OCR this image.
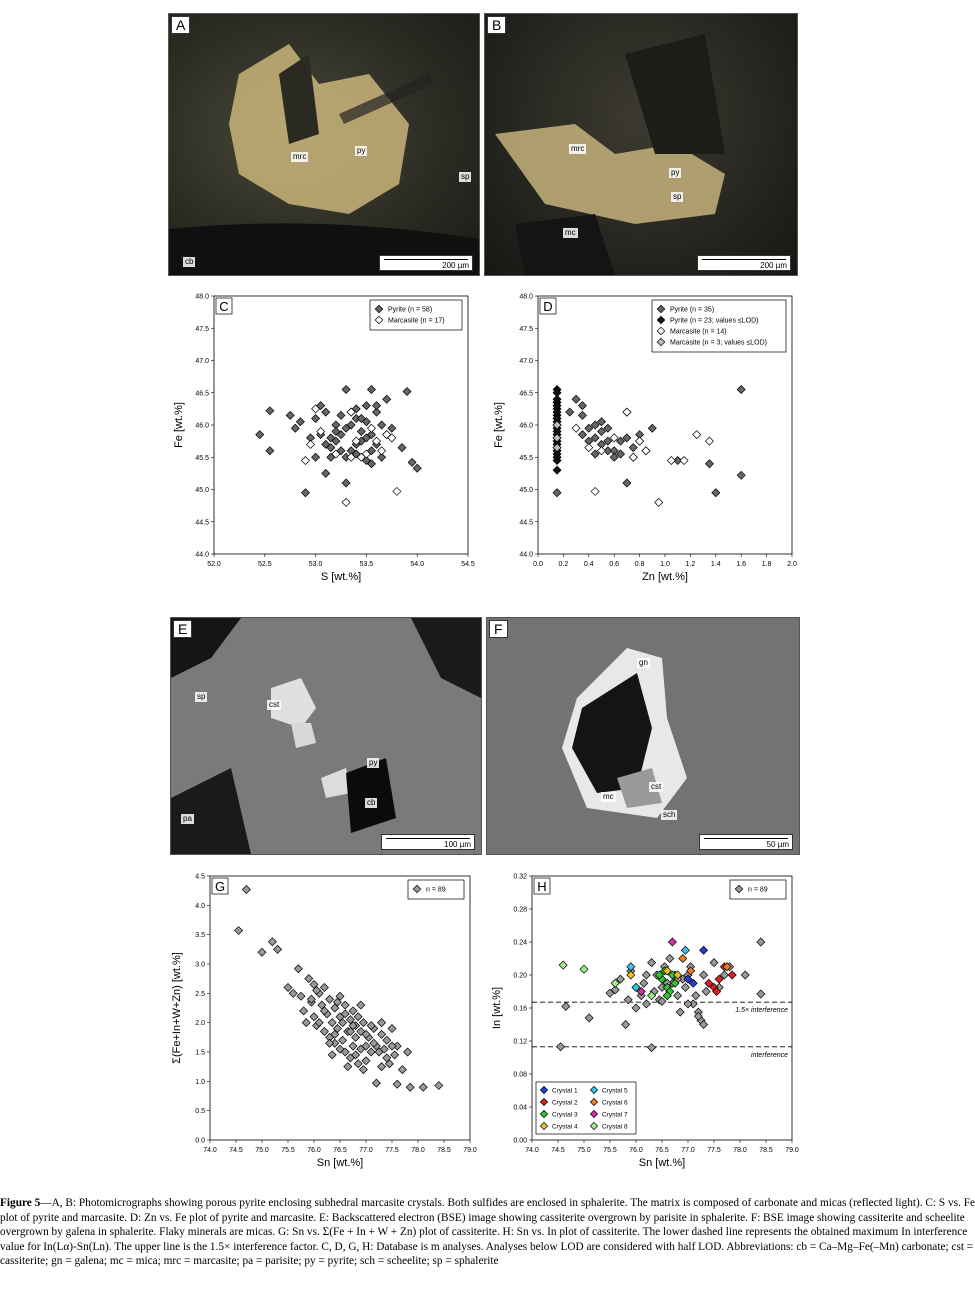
A
mrc
py
sp
cb	200 µm
B
mrc
py
sp
mc
200 µm
52.0	52.5	53.0	53.5	54.0	54.5
44.0
44.5
45.0
45.5
46.0
46.5
47.0
47.5
48.0
S [wt.%]
Fe [wt.%]
C	Pyrite (n = 58)
Marcasite (n = 17)
0.0 0.2 0.4 0.6 0.8 1.0 1.2 1.4 1.6 1.8 2.0
44.0
44.5
45.0
45.5
46.0
46.5
47.0
47.5
48.0
Zn [wt.%]
Fe [wt.%]
D	Pyrite (n = 35)
Pyrite (n = 23; values ≤LOD)
Marcasite (n = 14)
Marcasite (n = 3; values ≤LOD)
E
sp
cst
py
cb
pa
100 µm
F
gn
mc
cst
sch
50 µm
74.0 74.5 75.0 75.5 76.0 76.5 77.0 77.5 78.0 78.5 79.0
0.0
0.5
1.0
1.5
2.0
2.5
3.0
3.5
4.0
4.5
Sn [wt.%]
Σ(Fe+In+W+Zn) [wt.%]
G	n = 89
74.0 74.5 75.0 75.5 76.0 76.5 77.0 77.5 78.0 78.5 79.0
0.00
0.04
0.08
0.12
0.16
0.20
0.24
0.28
0.32
Sn [wt.%]
In [wt.%]
H
1.5× interference
interference
n = 89
Crystal 1
Crystal 2
Crystal 3
Crystal 4
Crystal 5
Crystal 6
Crystal 7
Crystal 8
Figure 5—A, B: Photomicrographs showing porous pyrite enclosing subhedral marcasite crystals. Both sulfides are enclosed in sphalerite. The matrix is composed of carbonate and micas (reflected light). C: S vs. Fe plot of pyrite and marcasite. D: Zn vs. Fe plot of pyrite and marcasite. E: Backscattered electron (BSE) image showing cassiterite overgrown by parisite in sphalerite. F: BSE image showing cassiterite and scheelite overgrown by galena in sphalerite. Flaky minerals are micas. G: Sn vs. Σ(Fe + In + W + Zn) plot of cassiterite. H: Sn vs. In plot of cassiterite. The lower dashed line represents the obtained maximum In interference value for In(Lα)-Sn(Ln). The upper line is the 1.5× interference factor. C, D, G, H: Database is m analyses. Analyses below LOD are considered with half LOD. Abbreviations: cb = Ca–Mg–Fe(–Mn) carbonate; cst = cassiterite; gn = galena; mc = mica; mrc = marcasite; pa = parisite; py = pyrite; sch = scheelite; sp = sphalerite
